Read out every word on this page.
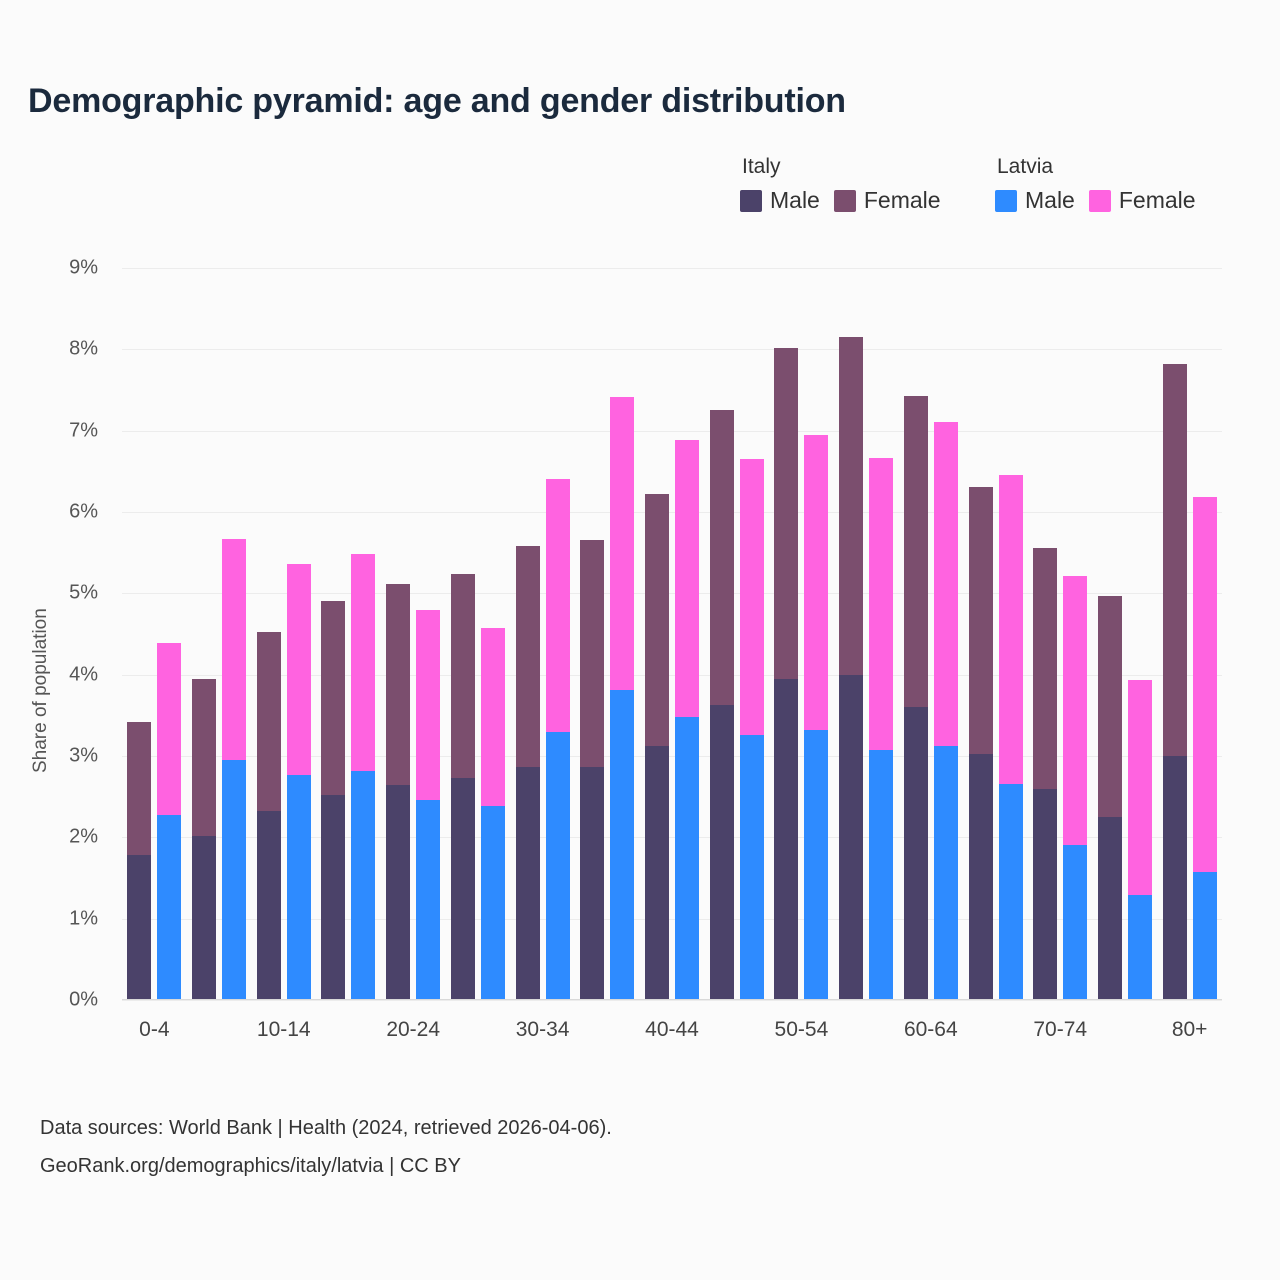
Demographic pyramid: age and gender distribution
Italy
Male Female
Latvia
Male Female
Share of population
0%
1%
2%
3%
4%
5%
6%
7%
8%
9%
0-4	10-14	20-24	30-34	40-44	50-54	60-64	70-74	80+
Data sources: World Bank | Health (2024, retrieved 2026-04-06).
GeoRank.org/demographics/italy/latvia | CC BY
